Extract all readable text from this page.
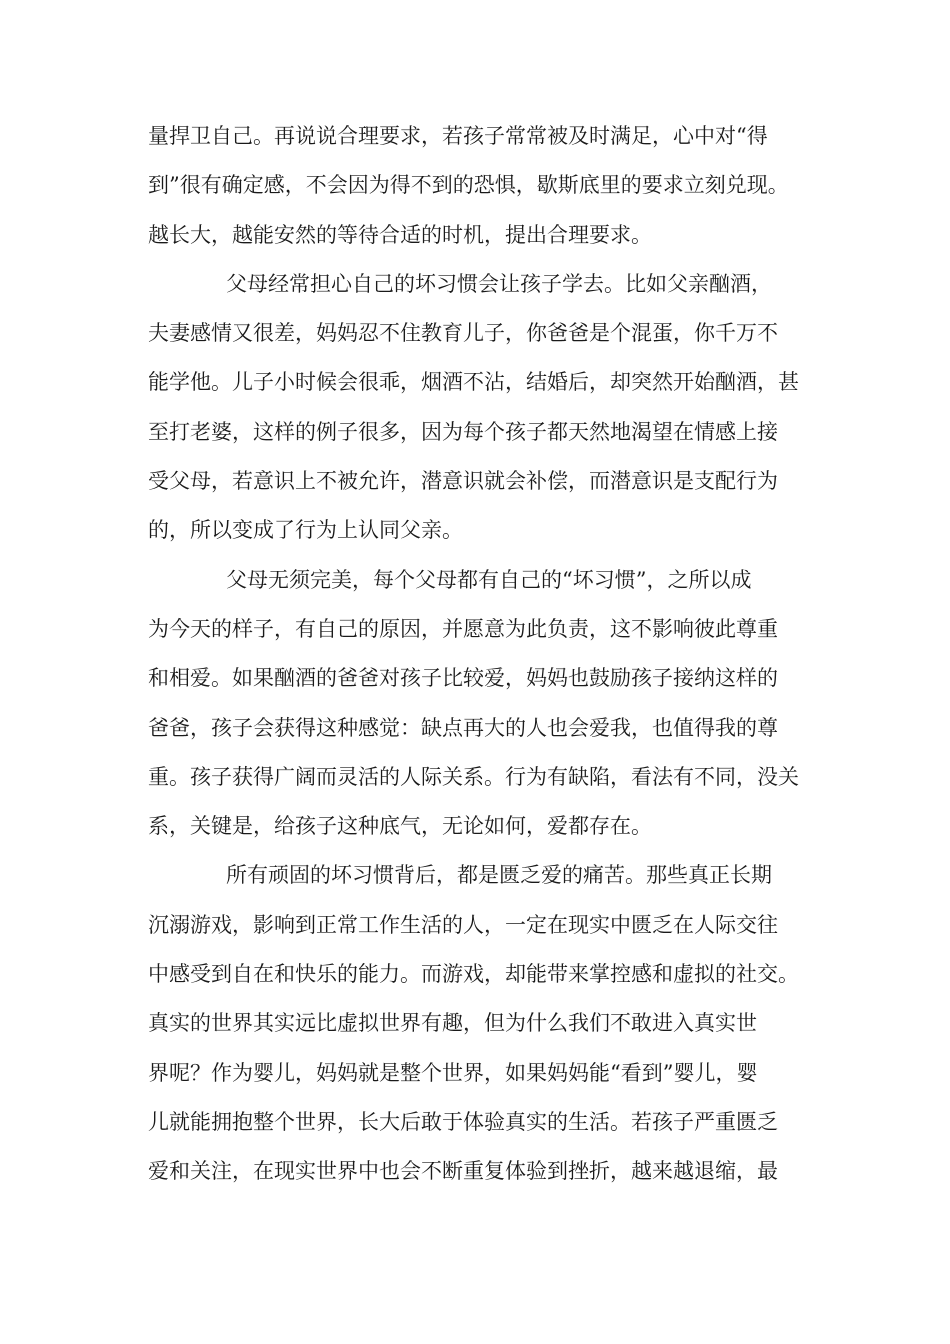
量捍卫自己。再说说合理要求，若孩子常常被及时满足，心中对“得
到”很有确定感，不会因为得不到的恐惧，歇斯底里的要求立刻兑现。
越长大，越能安然的等待合适的时机，提出合理要求。
父母经常担心自己的坏习惯会让孩子学去。比如父亲酗酒，
夫妻感情又很差，妈妈忍不住教育儿子，你爸爸是个混蛋，你千万不
能学他。儿子小时候会很乖，烟酒不沾，结婚后，却突然开始酗酒，甚
至打老婆，这样的例子很多，因为每个孩子都天然地渴望在情感上接
受父母，若意识上不被允许，潜意识就会补偿，而潜意识是支配行为
的，所以变成了行为上认同父亲。
父母无须完美，每个父母都有自己的“坏习惯”，之所以成
为今天的样子，有自己的原因，并愿意为此负责，这不影响彼此尊重
和相爱。如果酗酒的爸爸对孩子比较爱，妈妈也鼓励孩子接纳这样的
爸爸，孩子会获得这种感觉：缺点再大的人也会爱我，也值得我的尊
重。孩子获得广阔而灵活的人际关系。行为有缺陷，看法有不同，没关
系，关键是，给孩子这种底气，无论如何，爱都存在。
所有顽固的坏习惯背后，都是匮乏爱的痛苦。那些真正长期
沉溺游戏，影响到正常工作生活的人，一定在现实中匮乏在人际交往
中感受到自在和快乐的能力。而游戏，却能带来掌控感和虚拟的社交。
真实的世界其实远比虚拟世界有趣，但为什么我们不敢进入真实世
界呢？作为婴儿，妈妈就是整个世界，如果妈妈能“看到”婴儿，婴
儿就能拥抱整个世界，长大后敢于体验真实的生活。若孩子严重匮乏
爱和关注，在现实世界中也会不断重复体验到挫折，越来越退缩，最
